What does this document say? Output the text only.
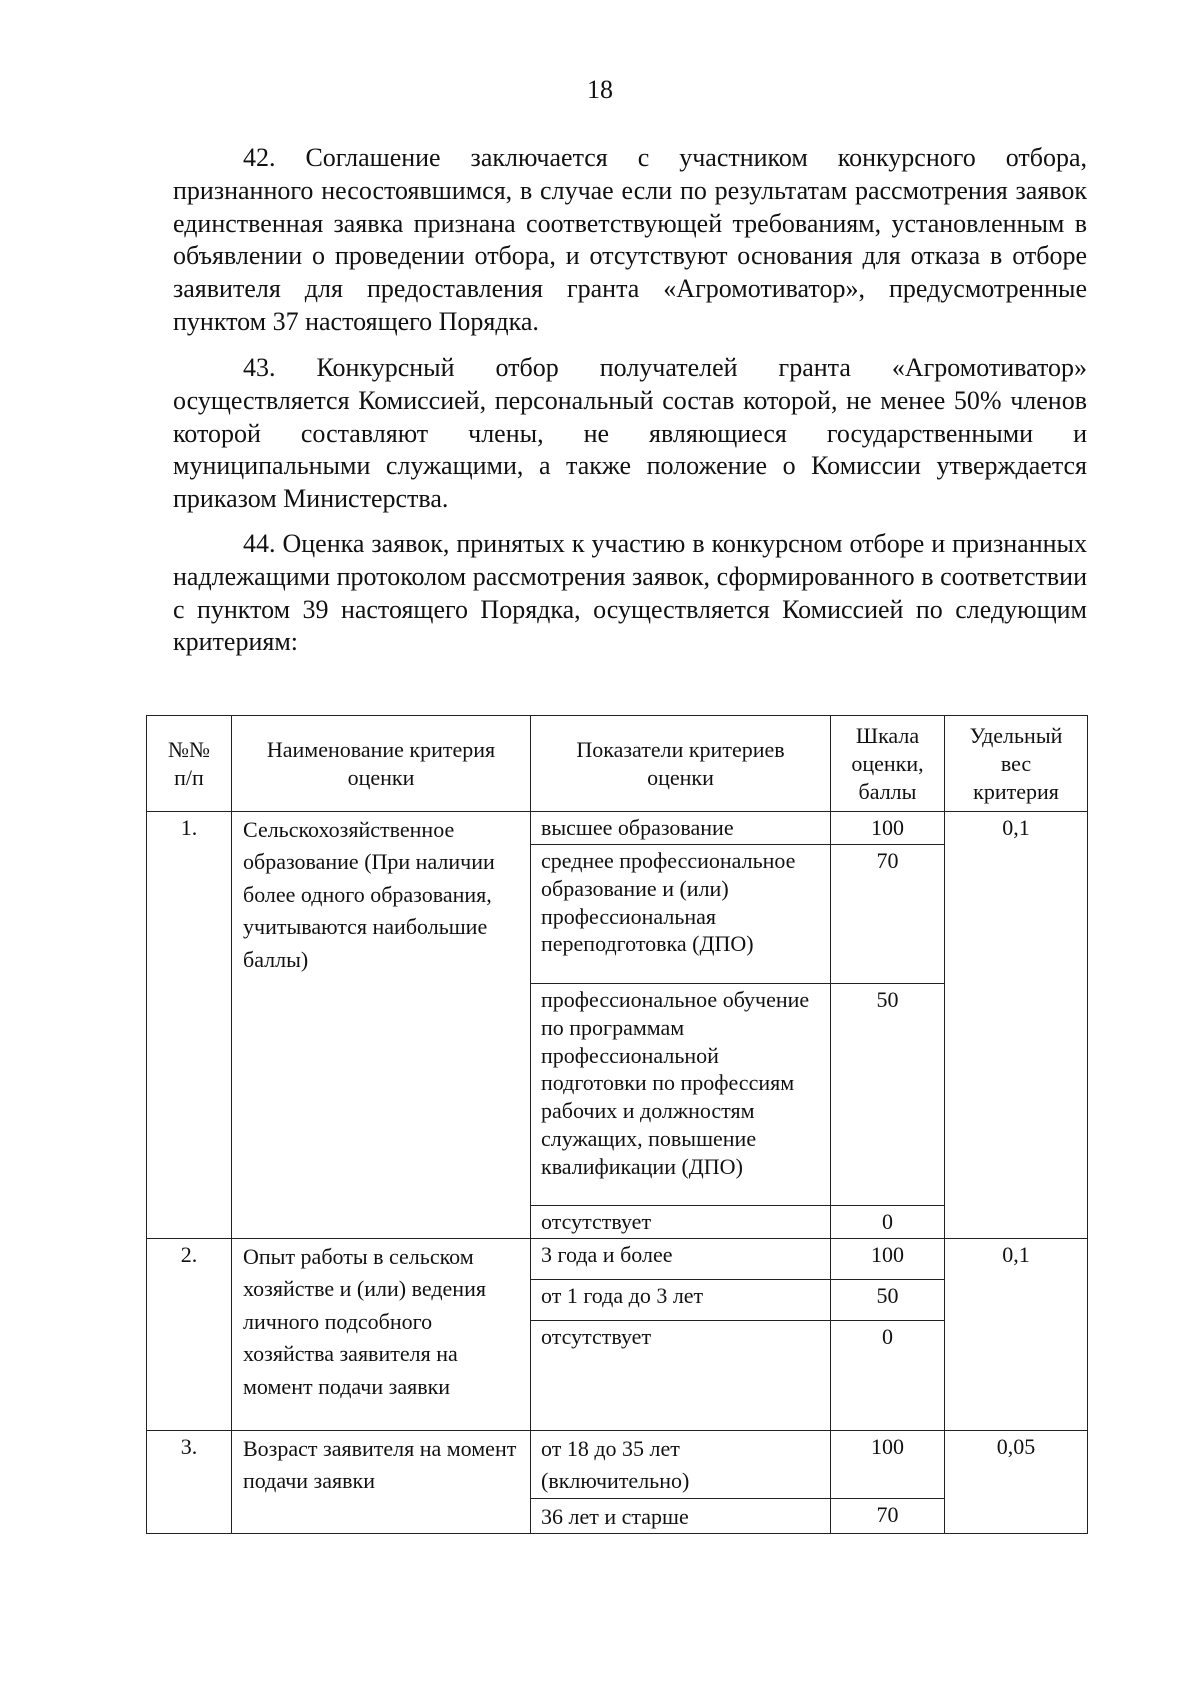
18

42. Соглашение заключается с участником конкурсного отбора, признанного несостоявшимся, в случае если по результатам рассмотрения заявок единственная заявка признана соответствующей требованиям, установленным в объявлении о проведении отбора, и отсутствуют основания для отказа в отборе заявителя для предоставления гранта «Агромотиватор», предусмотренные пунктом 37 настоящего Порядка.

43. Конкурсный отбор получателей гранта «Агромотиватор» осуществляется Комиссией, персональный состав которой, не менее 50% членов которой составляют члены, не являющиеся государственными и муниципальными служащими, а также положение о Комиссии утверждается приказом Министерства.

44. Оценка заявок, принятых к участию в конкурсном отборе и признанных надлежащими протоколом рассмотрения заявок, сформированного в соответствии с пунктом 39 настоящего Порядка, осуществляется Комиссией по следующим критериям:

№№ п/п	Наименование критерия оценки	Показатели критериев оценки	Шкала оценки, баллы	Удельный вес критерия
1.	Сельскохозяйственное образование (При наличии более одного образования, учитываются наибольшие баллы)	высшее образование	100	0,1
		среднее профессиональное образование и (или) профессиональная переподготовка (ДПО)	70	
		профессиональное обучение по программам профессиональной подготовки по профессиям рабочих и должностям служащих, повышение квалификации (ДПО)	50	
		отсутствует	0	
2.	Опыт работы в сельском хозяйстве и (или) ведения личного подсобного хозяйства заявителя на момент подачи заявки	3 года и более	100	0,1
		от 1 года до 3 лет	50	
		отсутствует	0	
3.	Возраст заявителя на момент подачи заявки	от 18 до 35 лет (включительно)	100	0,05
		36 лет и старше	70	
